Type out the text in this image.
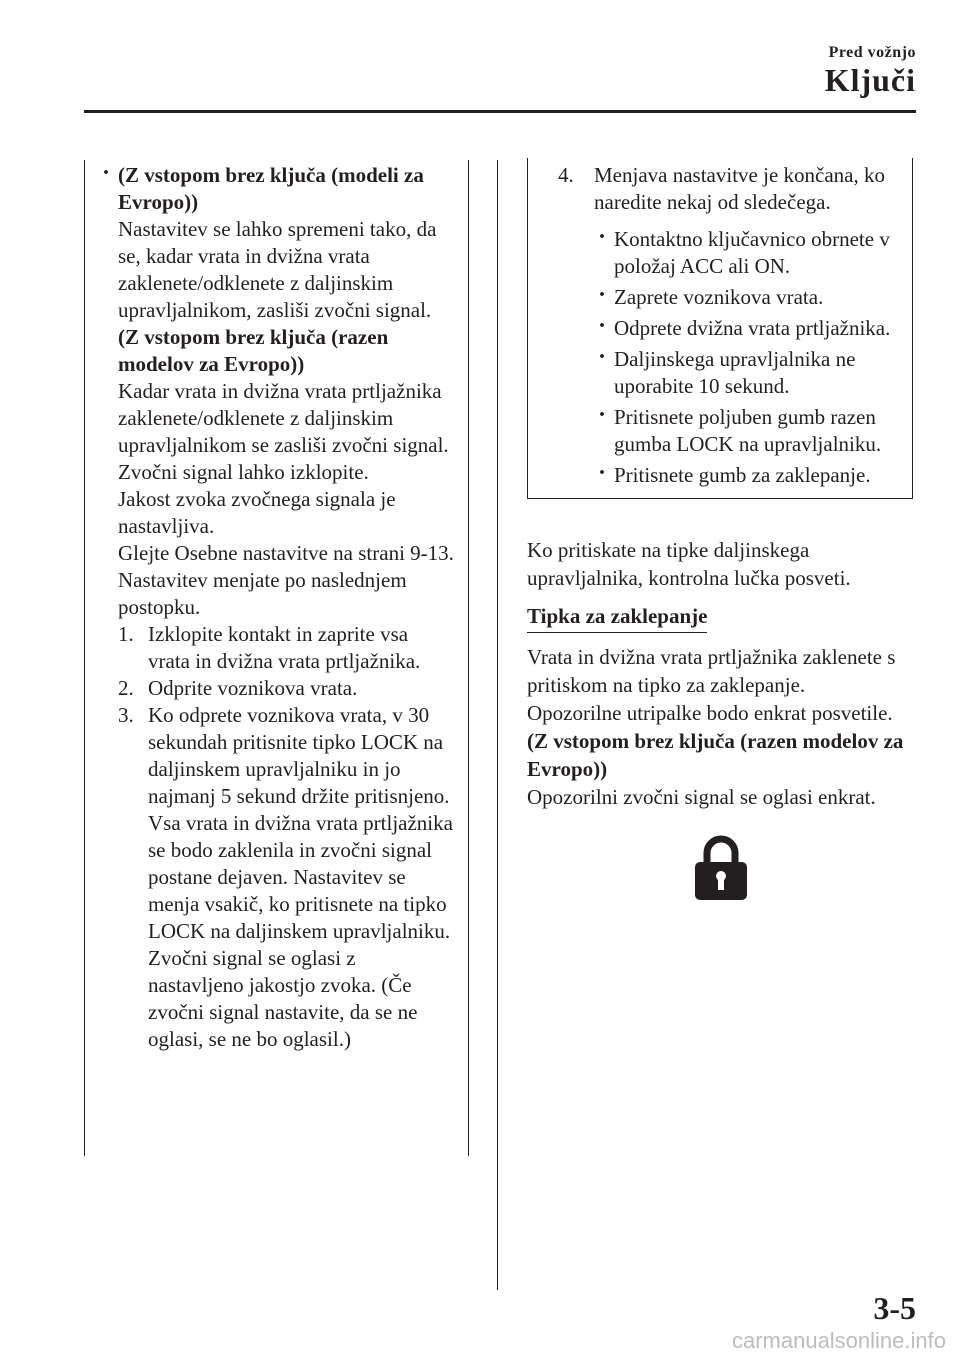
Pred vožnjo
Ključi

· (Z vstopom brez ključa (modeli za Evropo))

Nastavitev se lahko spremeni tako, da se, kadar vrata in dvižna vrata zaklenete/odklenete z daljinskim upravljalnikom, zasliši zvočni signal.

(Z vstopom brez ključa (razen modelov za Evropo))

Kadar vrata in dvižna vrata prtljažnika zaklenete/odklenete z daljinskim upravljalnikom se zasliši zvočni signal. Zvočni signal lahko izklopite.

Jakost zvoka zvočnega signala je nastavljiva.

Glejte Osebne nastavitve na strani 9-13.

Nastavitev menjate po naslednjem postopku.

1. Izklopite kontakt in zaprite vsa vrata in dvižna vrata prtljažnika.
2. Odprite voznikova vrata.
3. Ko odprete voznikova vrata, v 30 sekundah pritisnite tipko LOCK na daljinskem upravljalniku in jo najmanj 5 sekund držite pritisnjeno.

Vsa vrata in dvižna vrata prtljažnika se bodo zaklenila in zvočni signal postane dejaven. Nastavitev se menja vsakič, ko pritisnete na tipko LOCK na daljinskem upravljalniku. Zvočni signal se oglasi z nastavljeno jakostjo zvoka. (Če zvočni signal nastavite, da se ne oglasi, se ne bo oglasil.)

4. Menjava nastavitve je končana, ko naredite nekaj od sledečega.
· Kontaktno ključavnico obrnete v položaj ACC ali ON.
· Zaprete voznikova vrata.
· Odprete dvižna vrata prtljažnika.
· Daljinskega upravljalnika ne uporabite 10 sekund.
· Pritisnete poljuben gumb razen gumba LOCK na upravljalniku.
· Pritisnete gumb za zaklepanje.

Ko pritiskate na tipke daljinskega upravljalnika, kontrolna lučka posveti.

Tipka za zaklepanje

Vrata in dvižna vrata prtljažnika zaklenete s pritiskom na tipko za zaklepanje.

Opozorilne utripalke bodo enkrat posvetile.

(Z vstopom brez ključa (razen modelov za Evropo))

Opozorilni zvočni signal se oglasi enkrat.

3-5
carmanualsonline.info
